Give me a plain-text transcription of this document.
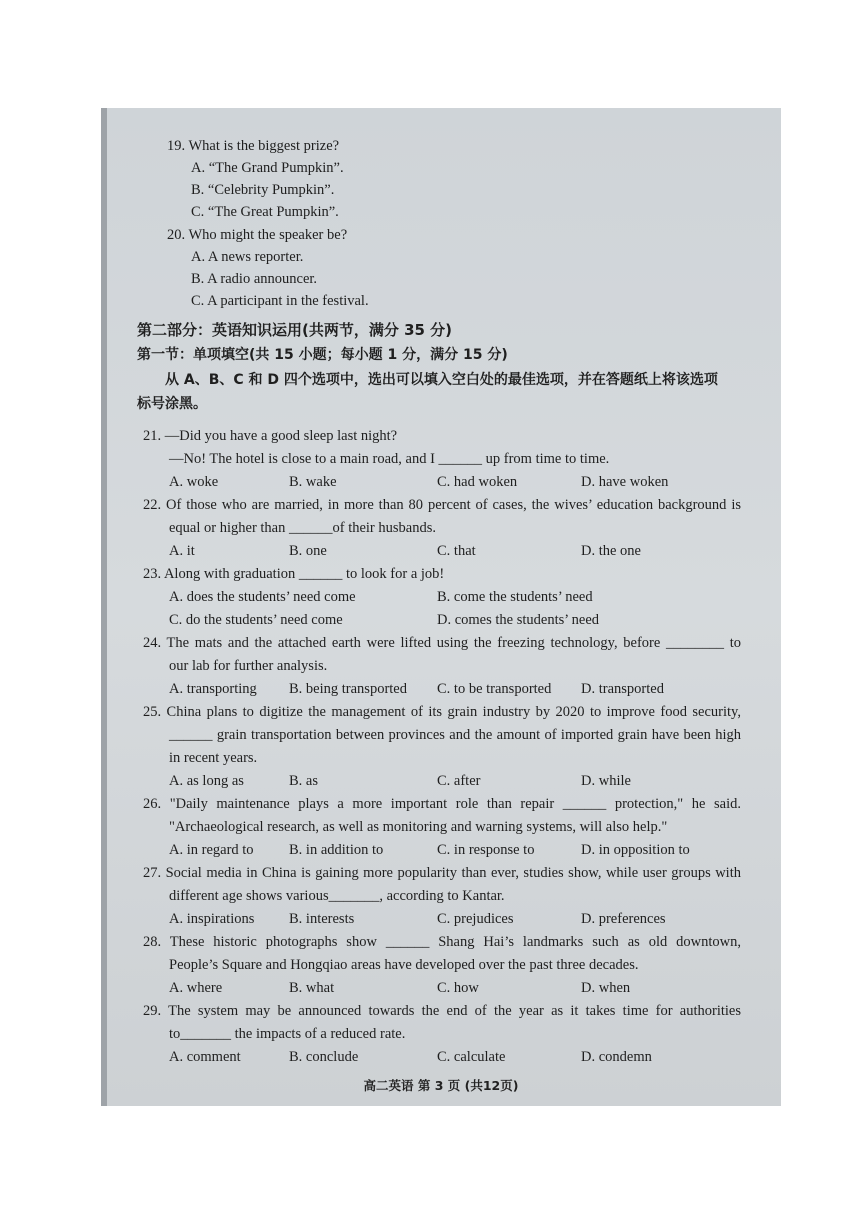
19. What is the biggest prize?
A. “The Grand Pumpkin”.
B. “Celebrity Pumpkin”.
C. “The Great Pumpkin”.
20. Who might the speaker be?
A. A news reporter.
B. A radio announcer.
C. A participant in the festival.
第二部分：英语知识运用(共两节，满分 35 分)
第一节：单项填空(共 15 小题；每小题 1 分，满分 15 分)
从 A、B、C 和 D 四个选项中，选出可以填入空白处的最佳选项，并在答题纸上将该选项
标号涂黑。
21. —Did you have a good sleep last night?
—No! The hotel is close to a main road, and I ______ up from time to time.
A. woke	B. wake	C. had woken	D. have woken
22. Of those who are married, in more than 80 percent of cases, the wives’ education background is
equal or higher than ______of their husbands.
A. it	B. one	C. that	D. the one
23. Along with graduation ______ to look for a job!
A. does the students’ need come	B. come the students’ need
C. do the students’ need come	D. comes the students’ need
24. The mats and the attached earth were lifted using the freezing technology, before ________ to
our lab for further analysis.
A. transporting B. being transported C. to be transported D. transported
25. China plans to digitize the management of its grain industry by 2020 to improve food security,
______ grain transportation between provinces and the amount of imported grain have been high
in recent years.
A. as long as	B. as	C. after	D. while
26. "Daily maintenance plays a more important role than repair ______ protection," he said.
"Archaeological research, as well as monitoring and warning systems, will also help."
A. in regard to B. in addition to	C. in response to	D. in opposition to
27. Social media in China is gaining more popularity than ever, studies show, while user groups with
different age shows various_______, according to Kantar.
A. inspirations B. interests	C. prejudices	D. preferences
28. These historic photographs show ______ Shang Hai’s landmarks such as old downtown,
People’s Square and Hongqiao areas have developed over the past three decades.
A. where	B. what	C. how	D. when
29. The system may be announced towards the end of the year as it takes time for authorities
to_______ the impacts of a reduced rate.
A. comment	B. conclude	C. calculate	D. condemn
高二英语 第 3 页 (共12页)
